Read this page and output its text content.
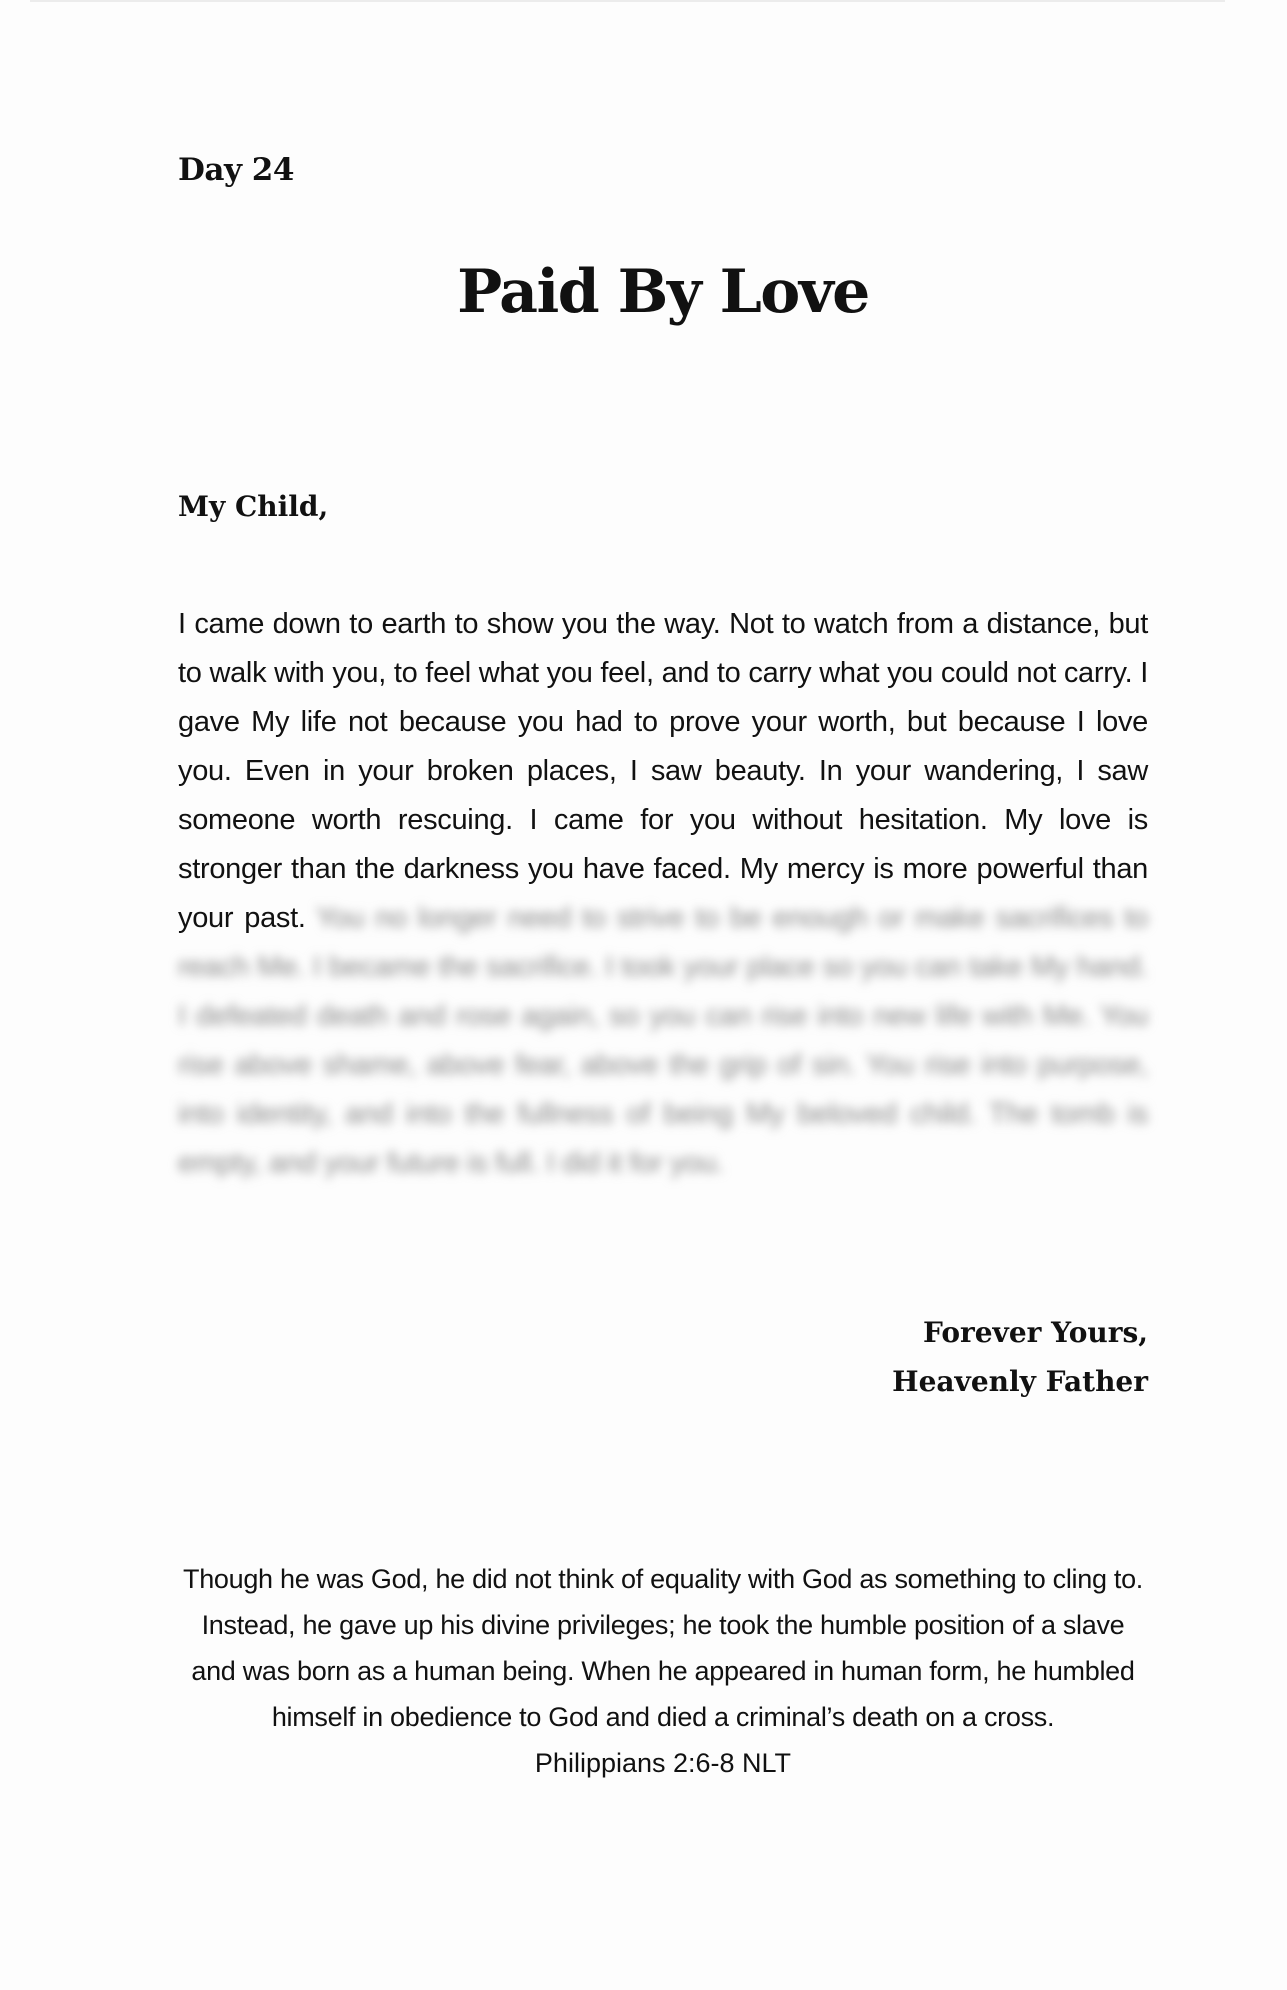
Day 24
Paid By Love
My Child,

I came down to earth to show you the way. Not to watch from a distance, but to walk with you, to feel what you feel, and to carry what you could not carry. I gave My life not because you had to prove your worth, but because I love you. Even in your broken places, I saw beauty. In your wandering, I saw someone worth rescuing. I came for you without hesitation. My love is stronger than the darkness you have faced. My mercy is more powerful than your past. You no longer need to strive to be enough or make sacrifices to reach Me. I became the sacrifice. I took your place so you can take My hand. I defeated death and rose again, so you can rise into new life with Me. You rise above shame, above fear, above the grip of sin. You rise into purpose, into identity, and into the fullness of being My beloved child. The tomb is empty, and your future is full. I did it for you.

Forever Yours,
Heavenly Father

Though he was God, he did not think of equality with God as something to cling to. Instead, he gave up his divine privileges; he took the humble position of a slave and was born as a human being. When he appeared in human form, he humbled himself in obedience to God and died a criminal’s death on a cross.

Philippians 2:6-8 NLT
